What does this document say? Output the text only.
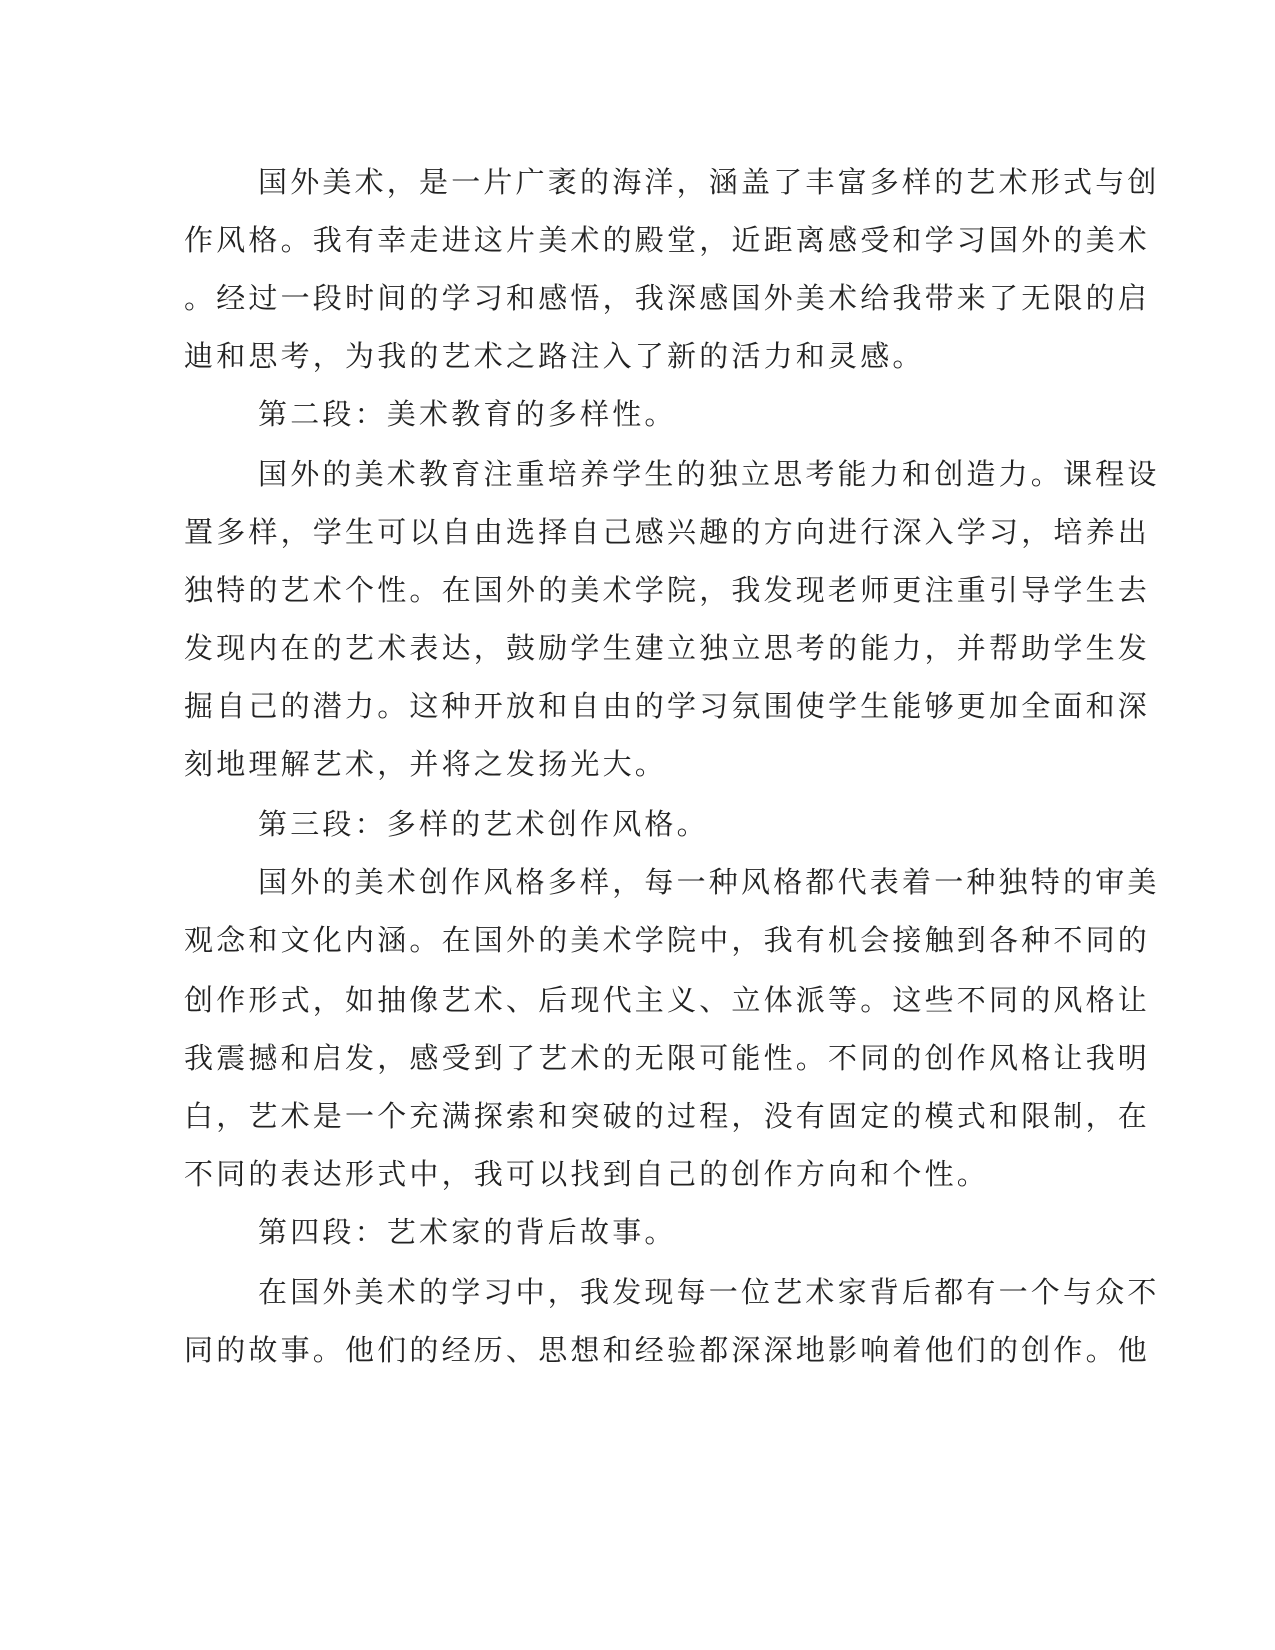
国外美术，是一片广袤的海洋，涵盖了丰富多样的艺术形式与创
作风格。我有幸走进这片美术的殿堂，近距离感受和学习国外的美术
。经过一段时间的学习和感悟，我深感国外美术给我带来了无限的启
迪和思考，为我的艺术之路注入了新的活力和灵感。
第二段：美术教育的多样性。
国外的美术教育注重培养学生的独立思考能力和创造力。课程设
置多样，学生可以自由选择自己感兴趣的方向进行深入学习，培养出
独特的艺术个性。在国外的美术学院，我发现老师更注重引导学生去
发现内在的艺术表达，鼓励学生建立独立思考的能力，并帮助学生发
掘自己的潜力。这种开放和自由的学习氛围使学生能够更加全面和深
刻地理解艺术，并将之发扬光大。
第三段：多样的艺术创作风格。
国外的美术创作风格多样，每一种风格都代表着一种独特的审美
观念和文化内涵。在国外的美术学院中，我有机会接触到各种不同的
创作形式，如抽像艺术、后现代主义、立体派等。这些不同的风格让
我震撼和启发，感受到了艺术的无限可能性。不同的创作风格让我明
白，艺术是一个充满探索和突破的过程，没有固定的模式和限制，在
不同的表达形式中，我可以找到自己的创作方向和个性。
第四段：艺术家的背后故事。
在国外美术的学习中，我发现每一位艺术家背后都有一个与众不
同的故事。他们的经历、思想和经验都深深地影响着他们的创作。他
